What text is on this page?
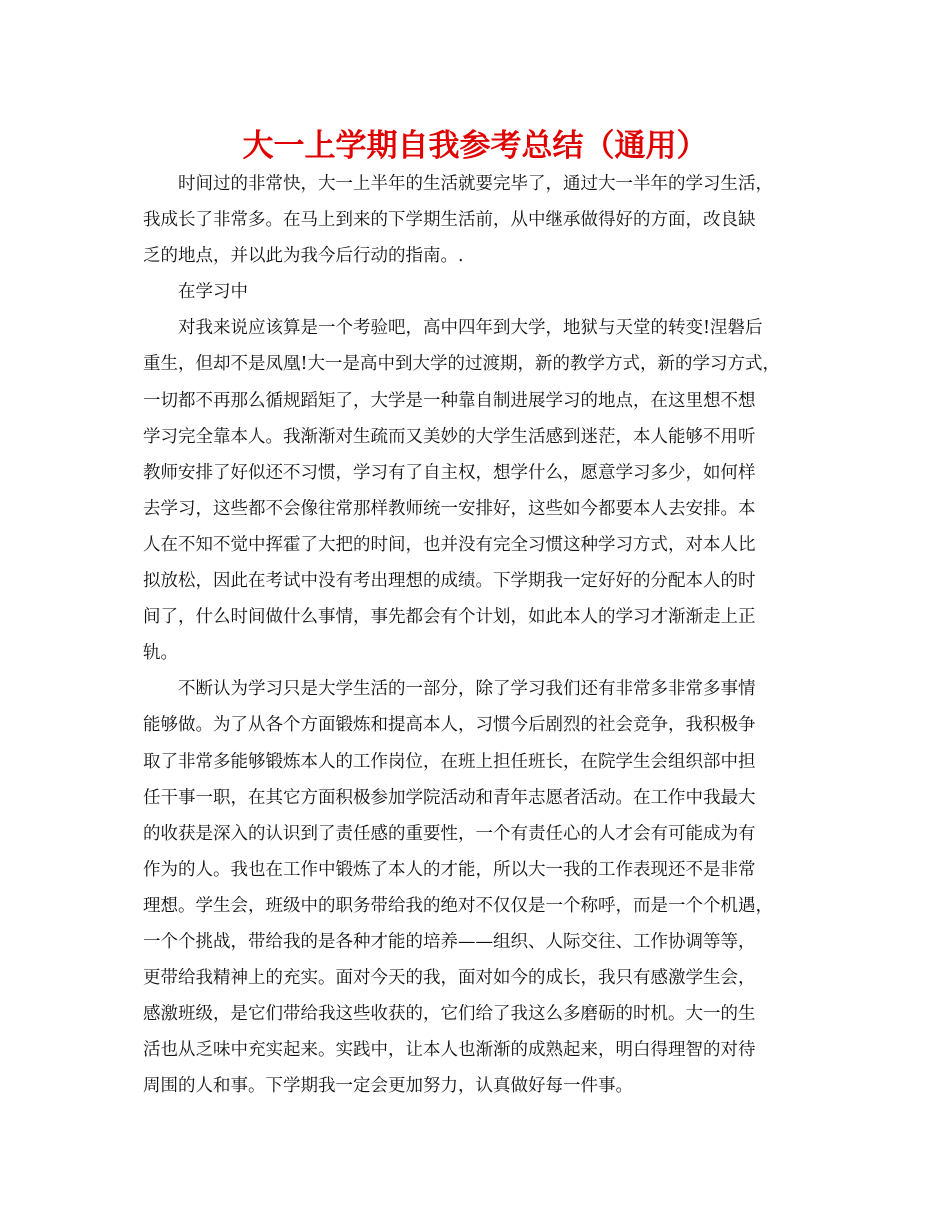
大一上学期自我参考总结（通用）

时间过的非常快，大一上半年的生活就要完毕了，通过大一半年的学习生活，

我成长了非常多。在马上到来的下学期生活前，从中继承做得好的方面，改良缺

乏的地点，并以此为我今后行动的指南。.

在学习中

对我来说应该算是一个考验吧，高中四年到大学，地狱与天堂的转变!涅磐后

重生，但却不是凤凰!大一是高中到大学的过渡期，新的教学方式，新的学习方式，

一切都不再那么循规蹈矩了，大学是一种靠自制进展学习的地点，在这里想不想

学习完全靠本人。我渐渐对生疏而又美妙的大学生活感到迷茫，本人能够不用听

教师安排了好似还不习惯，学习有了自主权，想学什么，愿意学习多少，如何样

去学习，这些都不会像往常那样教师统一安排好，这些如今都要本人去安排。本

人在不知不觉中挥霍了大把的时间，也并没有完全习惯这种学习方式，对本人比

拟放松，因此在考试中没有考出理想的成绩。下学期我一定好好的分配本人的时

间了，什么时间做什么事情，事先都会有个计划，如此本人的学习才渐渐走上正

轨。

不断认为学习只是大学生活的一部分，除了学习我们还有非常多非常多事情

能够做。为了从各个方面锻炼和提高本人，习惯今后剧烈的社会竞争，我积极争

取了非常多能够锻炼本人的工作岗位，在班上担任班长，在院学生会组织部中担

任干事一职，在其它方面积极参加学院活动和青年志愿者活动。在工作中我最大

的收获是深入的认识到了责任感的重要性，一个有责任心的人才会有可能成为有

作为的人。我也在工作中锻炼了本人的才能，所以大一我的工作表现还不是非常

理想。学生会，班级中的职务带给我的绝对不仅仅是一个称呼，而是一个个机遇，

一个个挑战，带给我的是各种才能的培养——组织、人际交往、工作协调等等，

更带给我精神上的充实。面对今天的我，面对如今的成长，我只有感激学生会，

感激班级，是它们带给我这些收获的，它们给了我这么多磨砺的时机。大一的生

活也从乏味中充实起来。实践中，让本人也渐渐的成熟起来，明白得理智的对待

周围的人和事。下学期我一定会更加努力，认真做好每一件事。
